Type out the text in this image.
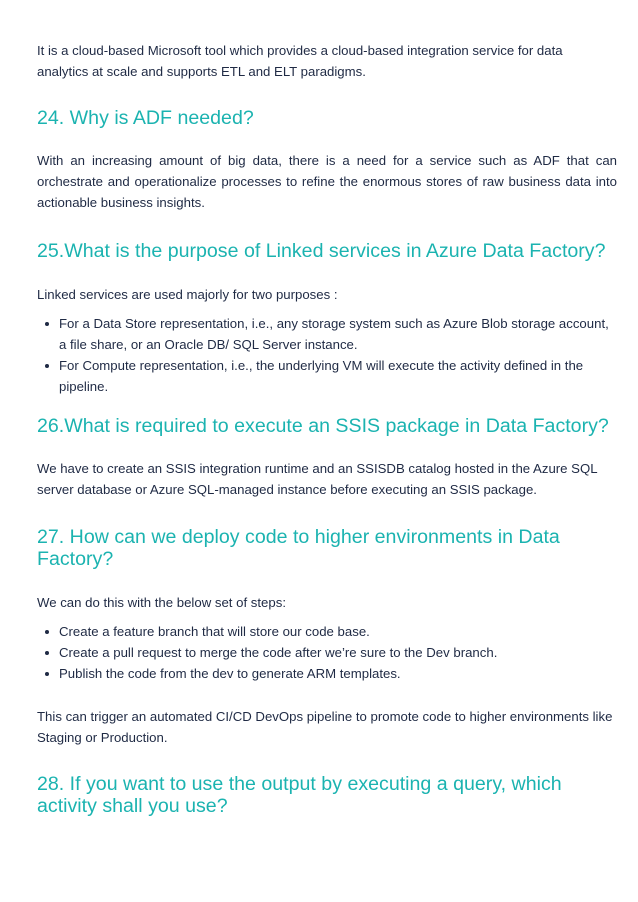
It is a cloud-based Microsoft tool which provides a cloud-based integration service for data analytics at scale and supports ETL and ELT paradigms.

24. Why is ADF needed?

With an increasing amount of big data, there is a need for a service such as ADF that can orchestrate and operationalize processes to refine the enormous stores of raw business data into actionable business insights.

25.What is the purpose of Linked services in Azure Data Factory?

Linked services are used majorly for two purposes :

For a Data Store representation, i.e., any storage system such as Azure Blob storage account, a file share, or an Oracle DB/ SQL Server instance.
For Compute representation, i.e., the underlying VM will execute the activity defined in the pipeline.
26.What is required to execute an SSIS package in Data Factory?

We have to create an SSIS integration runtime and an SSISDB catalog hosted in the Azure SQL server database or Azure SQL-managed instance before executing an SSIS package.

27. How can we deploy code to higher environments in Data Factory?

We can do this with the below set of steps:

Create a feature branch that will store our code base.
Create a pull request to merge the code after we’re sure to the Dev branch.
Publish the code from the dev to generate ARM templates.

This can trigger an automated CI/CD DevOps pipeline to promote code to higher environments like Staging or Production.

28. If you want to use the output by executing a query, which activity shall you use?
